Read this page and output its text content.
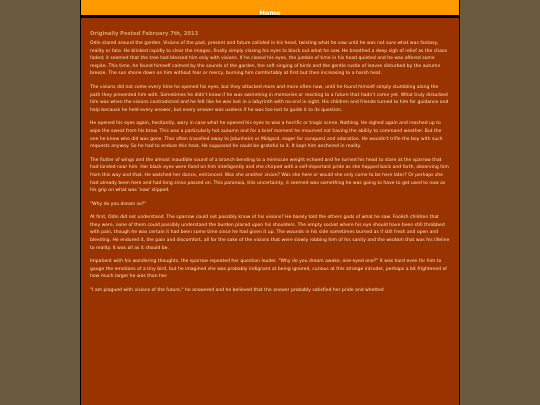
Home
Originally Posted February 7th, 2013

Odin stared around the garden. Visions of the past, present and future collided in his head, twisting what he saw until he was not sure what was fantasy, reality or fate. He blinked rapidly to clear the images, finally simply closing his eyes to block out what he saw. He breathed a deep sigh of relief as the chaos faded; it seemed that the tree had blessed him only with visions. If he closed his eyes, the jumble of time in his head quieted and he was offered some respite. This time, he found himself calmed by the sounds of the garden, the soft singing of birds and the gentle rustle of leaves disturbed by the autumn breeze. The sun shone down on him without fear or mercy, burning him comfortably at first but then increasing to a harsh heat.

The visions did not come every time he opened his eyes, but they attacked more and more often now, until he found himself simply stumbling along the path they presented him with. Sometimes he didn't know if he was swimming in memories or reacting to a future that hadn't come yet. What truly disturbed him was when the visions contradicted and he felt like he was lost in a labyrinth with no end in sight. His children and friends turned to him for guidance and help because he held every answer, but every answer was useless if he was too lost to guide it to its question.

He opened his eyes again, hesitantly, wary in case what he opened his eyes to was a horrific or tragic scene. Nothing. He sighed again and reached up to wipe the sweat from his brow. This was a particularly hot autumn and for a brief moment he mourned not having the ability to command weather. But the one he knew who did was gone. Thor often travelled away to Jotunheim or Midgard, eager for conquest and adoration. He wouldn't trifle the boy with such requests anyway. So he had to endure this heat. He supposed he could be grateful to it. It kept him anchored in reality.

The flutter of wings and the almost inaudible sound of a branch bending to a miniscule weight echoed and he turned his head to stare at the sparrow that had landed near him. Her black eyes were fixed on him intelligently and she chirped with a self-important pride as she hopped back and forth, observing him from this way and that. He watched her dance, entranced. Was she another vision? Was she here or would she only come to be here later? Or perhaps she had already been here and had long since passed on. This paranoia, this uncertainty, it seemed was something he was going to have to get used to now as his grip on what was 'now' slipped.

"Why do you dream so?"

At first, Odin did not understand. The sparrow could not possibly know of his visions? He barely told the others gods of what he saw. Foolish children that they were, none of them could possibly understand the burden placed upon his shoulders. The empty socket where his eye should have been still throbbed with pain, though he was certain it had been some time since he had given it up. The wounds in his side sometimes burned as if still fresh and open and bleeding. He endured it, the pain and discomfort, all for the sake of the visions that were slowly robbing him of his sanity and the wisdom that was his lifeline to reality. It was all as it should be.

Impatient with his wandering thoughts, the sparrow repeated her question louder. "Why do you dream awake, one-eyed one?" It was hard even for him to gauge the emotions of a tiny bird, but he imagined she was probably indignant at being ignored, curious at this strange intruder, perhaps a bit frightened of how much larger he was than her.

"I am plagued with visions of the future," he answered and he believed that the answer probably satisfied her pride and whetted
